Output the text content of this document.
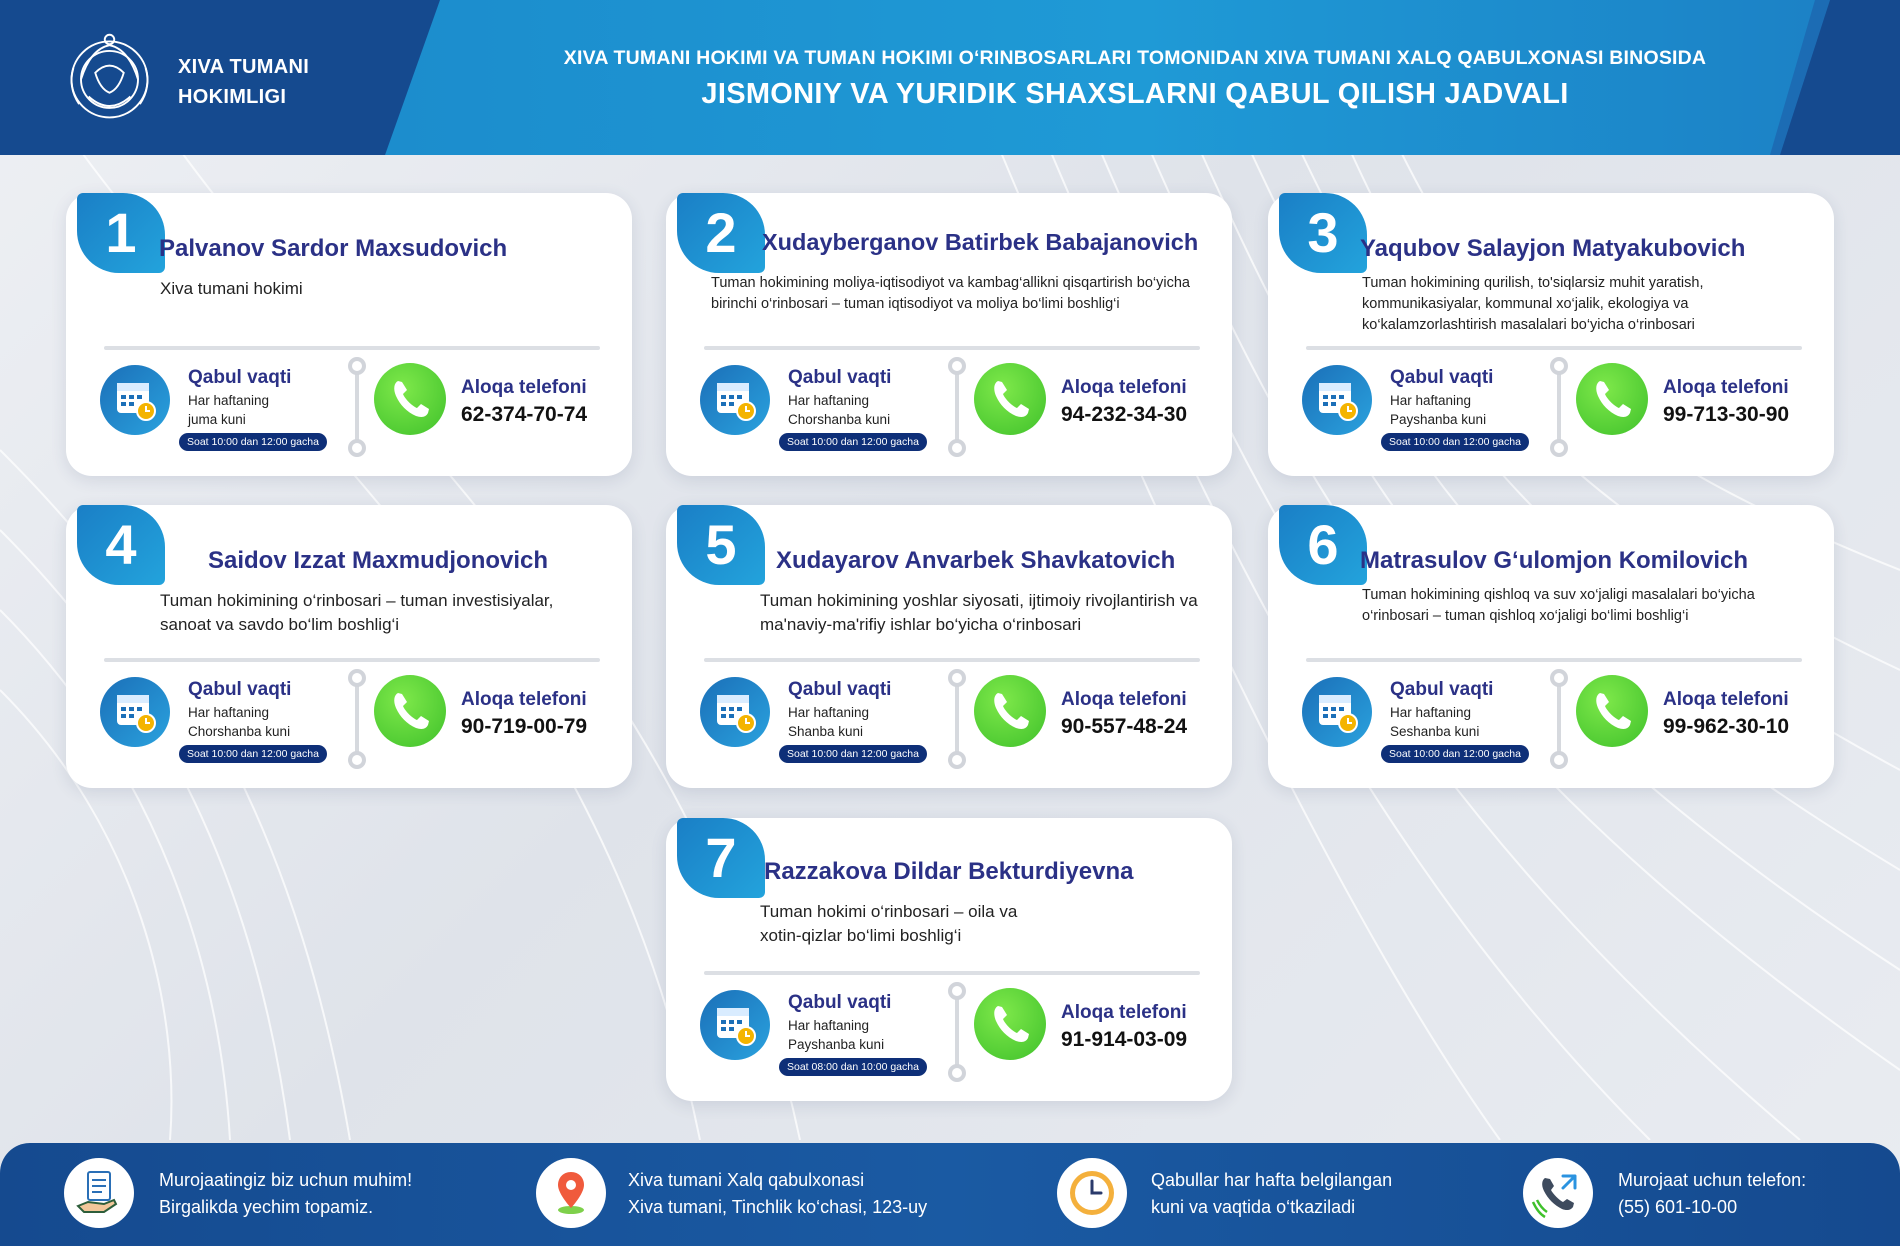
XIVA TUMANI
HOKIMLIGI
XIVA TUMANI HOKIMI VA TUMAN HOKIMI O‘RINBOSARLARI TOMONIDAN XIVA TUMANI XALQ QABULXONASI BINOSIDA
JISMONIY VA YURIDIK SHAXSLARNI QABUL QILISH JADVALI
1 Palvanov Sardor Maxsudovich
Xiva tumani hokimi
Qabul vaqti
Har haftaning
juma kuni
Soat 10:00 dan 12:00 gacha
Aloqa telefoni
62-374-70-74
2	Xudayberganov Batirbek Babajanovich
Tuman hokimining moliya-iqtisodiyot va kambag‘allikni qisqartirish bo‘yicha birinchi o‘rinbosari – tuman iqtisodiyot va moliya bo‘limi boshlig‘i
Qabul vaqti
Har haftaning
Chorshanba kuni
Soat 10:00 dan 12:00 gacha
Aloqa telefoni
94-232-34-30
3 Yaqubov Salayjon Matyakubovich
Tuman hokimining qurilish, to'siqlarsiz muhit yaratish, kommunikasiyalar, kommunal xo‘jalik, ekologiya va ko‘kalamzorlashtirish masalalari bo‘yicha o‘rinbosari
Qabul vaqti
Har haftaning
Payshanba kuni
Soat 10:00 dan 12:00 gacha
Aloqa telefoni
99-713-30-90
4	Saidov Izzat Maxmudjonovich
Tuman hokimining o‘rinbosari – tuman investisiyalar, sanoat va savdo bo‘lim boshlig‘i
Qabul vaqti
Har haftaning
Chorshanba kuni
Soat 10:00 dan 12:00 gacha
Aloqa telefoni
90-719-00-79
5	Xudayarov Anvarbek Shavkatovich
Tuman hokimining yoshlar siyosati, ijtimoiy rivojlantirish va ma'naviy-ma'rifiy ishlar bo‘yicha o‘rinbosari
Qabul vaqti
Har haftaning
Shanba kuni
Soat 10:00 dan 12:00 gacha
Aloqa telefoni
90-557-48-24
6 Matrasulov G‘ulomjon Komilovich
Tuman hokimining qishloq va suv xo‘jaligi masalalari bo‘yicha o‘rinbosari – tuman qishloq xo‘jaligi bo‘limi boshlig‘i
Qabul vaqti
Har haftaning
Seshanba kuni
Soat 10:00 dan 12:00 gacha
Aloqa telefoni
99-962-30-10
7	Razzakova Dildar Bekturdiyevna
Tuman hokimi o‘rinbosari – oila va xotin-qizlar bo‘limi boshlig‘i
Qabul vaqti
Har haftaning
Payshanba kuni
Soat 08:00 dan 10:00 gacha
Aloqa telefoni
91-914-03-09
Murojaatingiz biz uchun muhim!
Birgalikda yechim topamiz.
Xiva tumani Xalq qabulxonasi
Xiva tumani, Tinchlik ko‘chasi, 123-uy
Qabullar har hafta belgilangan
kuni va vaqtida o‘tkaziladi
Murojaat uchun telefon:
(55) 601-10-00
